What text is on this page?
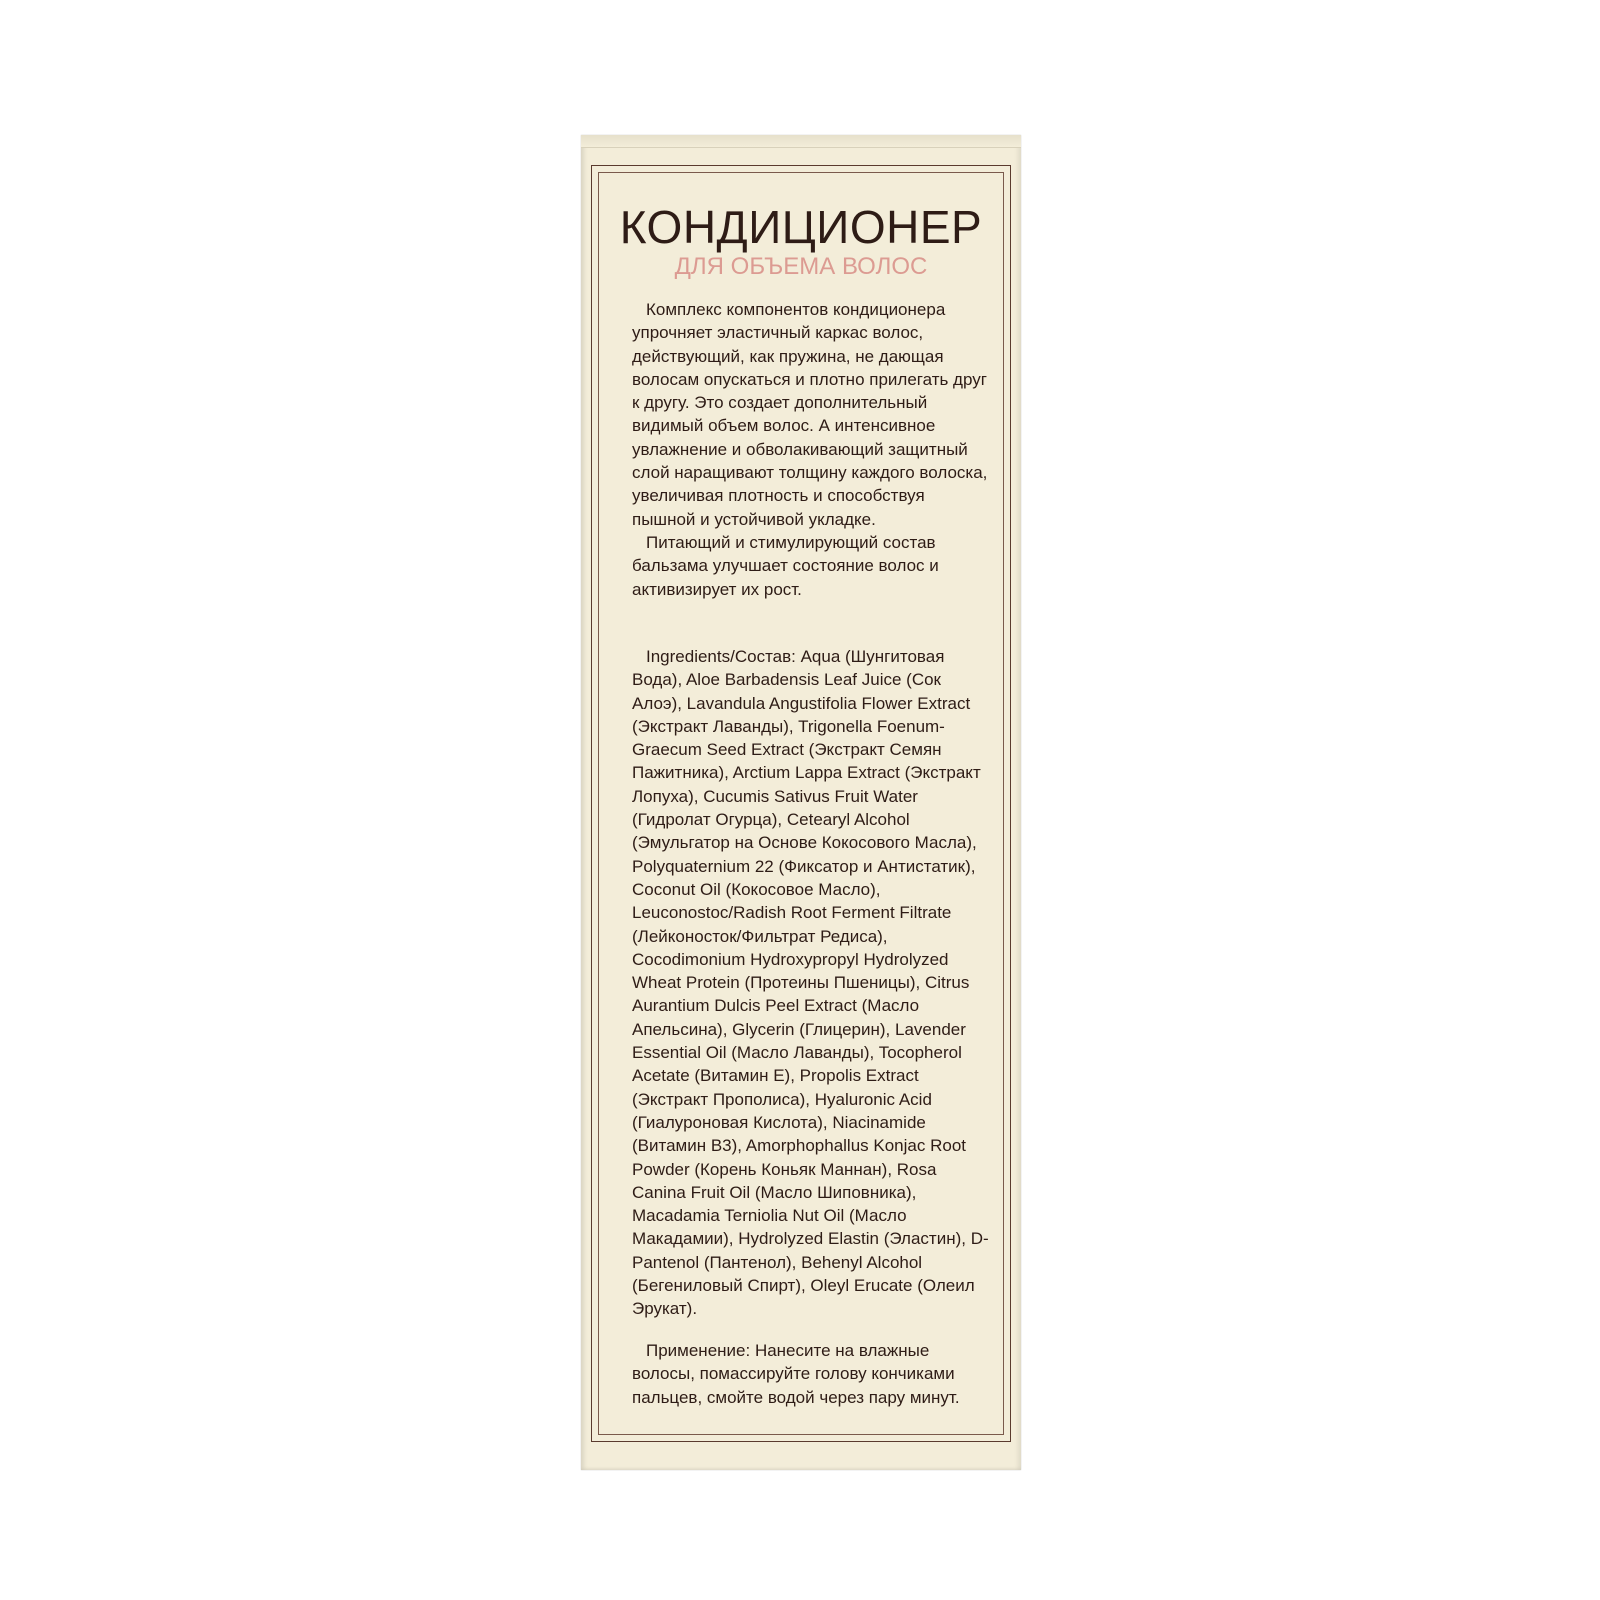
КОНДИЦИОНЕР
ДЛЯ ОБЪЕМА ВОЛОС

Комплекс компонентов кондиционера упрочняет эластичный каркас волос, действующий, как пружина, не дающая волосам опускаться и плотно прилегать друг к другу. Это создает дополнительный видимый объем волос. А интенсивное увлажнение и обволакивающий защитный слой наращивают толщину каждого волоска, увеличивая плотность и способствуя пышной и устойчивой укладке.

Питающий и стимулирующий состав бальзама улучшает состояние волос и активизирует их рост.

Ingredients/Состав: Aqua (Шунгитовая Вода), Aloe Barbadensis Leaf Juice (Сок Алоэ), Lavandula Angustifolia Flower Extract (Экстракт Лаванды), Trigonella Foenum-Graecum Seed Extract (Экстракт Семян Пажитника), Arctium Lappa Extract (Экстракт Лопуха), Cucumis Sativus Fruit Water (Гидролат Огурца), Cetearyl Alcohol (Эмульгатор на Основе Кокосового Масла), Polyquaternium 22 (Фиксатор и Антистатик), Coconut Oil (Кокосовое Масло), Leuconostoc/Radish Root Ferment Filtrate (Лейконосток/Фильтрат Редиса), Cocodimonium Hydroxypropyl Hydrolyzed Wheat Protein (Протеины Пшеницы), Citrus Aurantium Dulcis Peel Extract (Масло Апельсина), Glycerin (Глицерин), Lavender Essential Oil (Масло Лаванды), Tocopherol Acetate (Витамин Е), Propolis Extract (Экстракт Прополиса), Hyaluronic Acid (Гиалуроновая Кислота), Niacinamide (Витамин В3), Amorphophallus Konjac Root Powder (Корень Коньяк Маннан), Rosa Canina Fruit Oil (Масло Шиповника), Macadamia Terniolia Nut Oil (Масло Макадамии), Hydrolyzed Elastin (Эластин), D-Pantenol (Пантенол), Behenyl Alcohol (Бегениловый Спирт), Oleyl Erucate (Олеил Эрукат).

Применение: Нанесите на влажные волосы, помассируйте голову кончиками пальцев, смойте водой через пару минут.
